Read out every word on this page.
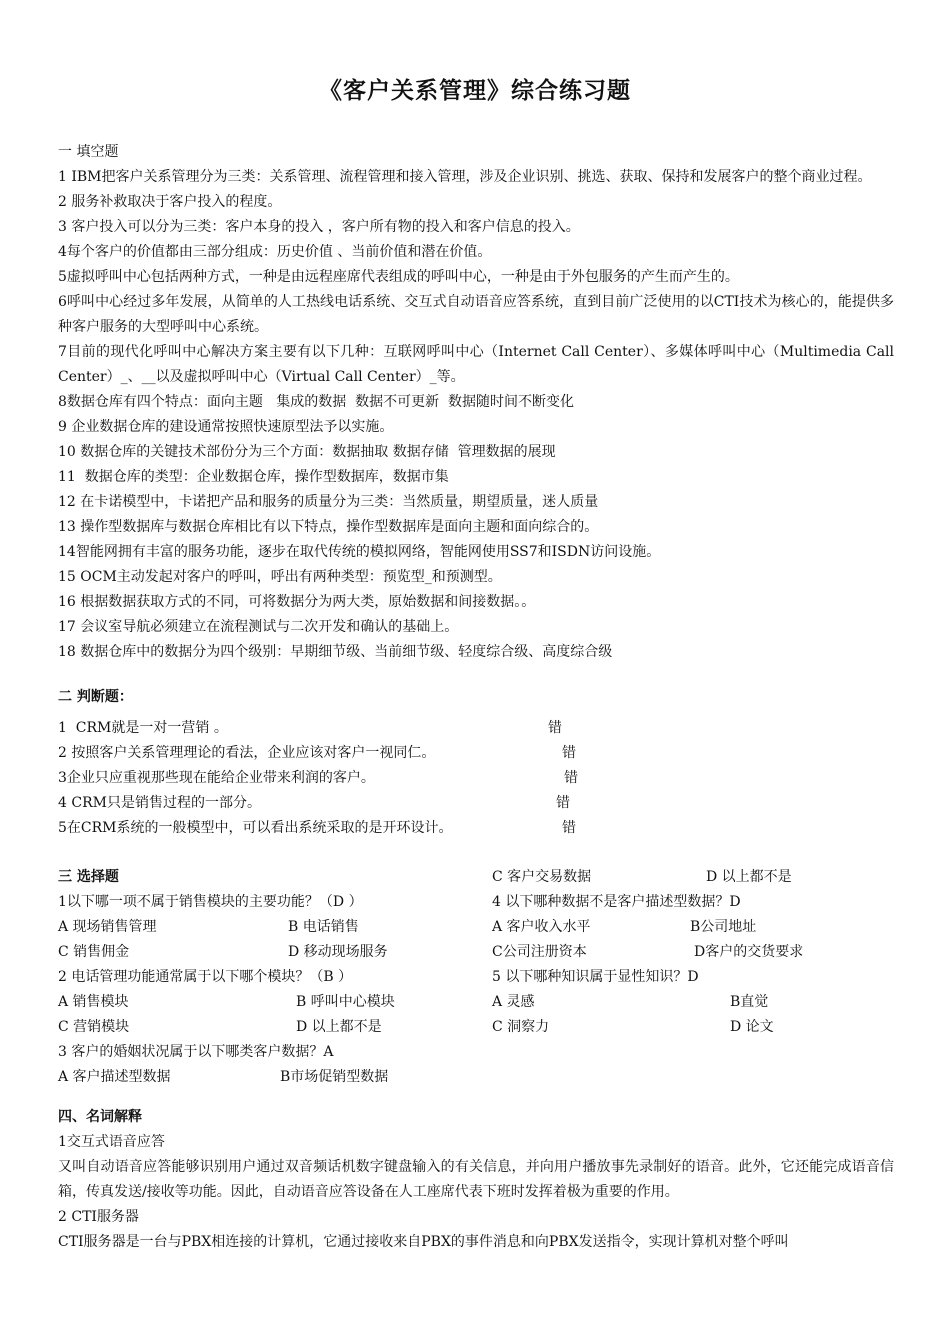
《客户关系管理》综合练习题

一 填空题

1 IBM把客户关系管理分为三类：关系管理、流程管理和接入管理，涉及企业识别、挑选、获取、保持和发展客户的整个商业过程。

2 服务补救取决于客户投入的程度。

3 客户投入可以分为三类：客户本身的投入 ，客户所有物的投入和客户信息的投入。

4每个客户的价值都由三部分组成：历史价值 、当前价值和潜在价值。

5虚拟呼叫中心包括两种方式，一种是由远程座席代表组成的呼叫中心，一种是由于外包服务的产生而产生的。

6呼叫中心经过多年发展，从简单的人工热线电话系统、交互式自动语音应答系统，直到目前广泛使用的以CTI技术为核心的，能提供多种客户服务的大型呼叫中心系统。

7目前的现代化呼叫中心解决方案主要有以下几种：互联网呼叫中心（Internet Call Center）、多媒体呼叫中心（Multimedia Call Center）_、__以及虚拟呼叫中心（Virtual Call Center）_等。

8数据仓库有四个特点：面向主题   集成的数据  数据不可更新  数据随时间不断变化

9 企业数据仓库的建设通常按照快速原型法予以实施。

10 数据仓库的关键技术部份分为三个方面：数据抽取 数据存储  管理数据的展现

11  数据仓库的类型：企业数据仓库，操作型数据库，数据市集

12 在卡诺模型中，卡诺把产品和服务的质量分为三类：当然质量，期望质量，迷人质量

13 操作型数据库与数据仓库相比有以下特点，操作型数据库是面向主题和面向综合的。

14智能网拥有丰富的服务功能，逐步在取代传统的模拟网络，智能网使用SS7和ISDN访问设施。

15 OCM主动发起对客户的呼叫，呼出有两种类型：预览型_和预测型。

16 根据数据获取方式的不同，可将数据分为两大类，原始数据和间接数据。。

17 会议室导航必须建立在流程测试与二次开发和确认的基础上。

18 数据仓库中的数据分为四个级别：早期细节级、当前细节级、轻度综合级、高度综合级

二 判断题：

1  CRM就是一对一营销 。	错
2 按照客户关系管理理论的看法，企业应该对客户一视同仁。	错
3企业只应重视那些现在能给企业带来利润的客户。	错
4 CRM只是销售过程的一部分。	错
5在CRM系统的一般模型中，可以看出系统采取的是开环设计。	错
三 选择题
1以下哪一项不属于销售模块的主要功能？（D ）
A 现场销售管理	B 电话销售
C 销售佣金	D 移动现场服务
2 电话管理功能通常属于以下哪个模块？（B ）
A 销售模块	B 呼叫中心模块
C 营销模块	D 以上都不是
3 客户的婚姻状况属于以下哪类客户数据？A
A 客户描述型数据	B市场促销型数据
C 客户交易数据	D 以上都不是
4 以下哪种数据不是客户描述型数据？D
A 客户收入水平	B公司地址
C公司注册资本	D客户的交货要求
5 以下哪种知识属于显性知识？D
A 灵感	B直觉
C 洞察力	D 论文

四、名词解释

1交互式语音应答

又叫自动语音应答能够识别用户通过双音频话机数字键盘输入的有关信息，并向用户播放事先录制好的语音。此外，它还能完成语音信箱，传真发送/接收等功能。因此，自动语音应答设备在人工座席代表下班时发挥着极为重要的作用。

2 CTI服务器

CTI服务器是一台与PBX相连接的计算机，它通过接收来自PBX的事件消息和向PBX发送指令，实现计算机对整个呼叫
